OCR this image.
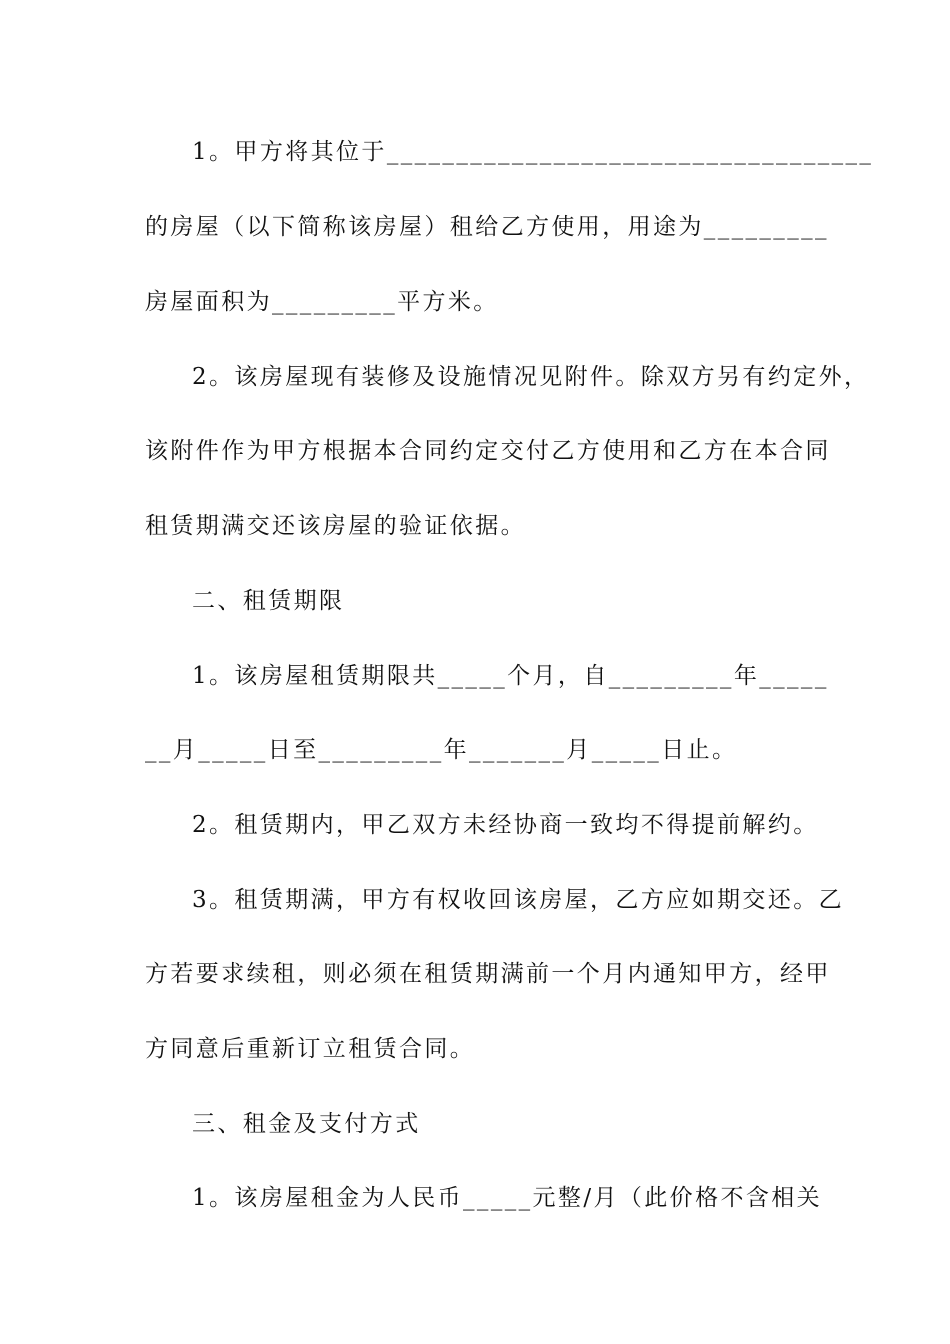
1。甲方将其位于___________________________________
的房屋（以下简称该房屋）租给乙方使用，用途为_________
房屋面积为_________平方米。
2。该房屋现有装修及设施情况见附件。除双方另有约定外，
该附件作为甲方根据本合同约定交付乙方使用和乙方在本合同
租赁期满交还该房屋的验证依据。
二、租赁期限
1。该房屋租赁期限共_____个月，自_________年_____
__月_____日至_________年_______月_____日止。
2。租赁期内，甲乙双方未经协商一致均不得提前解约。
3。租赁期满，甲方有权收回该房屋，乙方应如期交还。乙
方若要求续租，则必须在租赁期满前一个月内通知甲方，经甲
方同意后重新订立租赁合同。
三、租金及支付方式
1。该房屋租金为人民币_____元整/月（此价格不含相关
